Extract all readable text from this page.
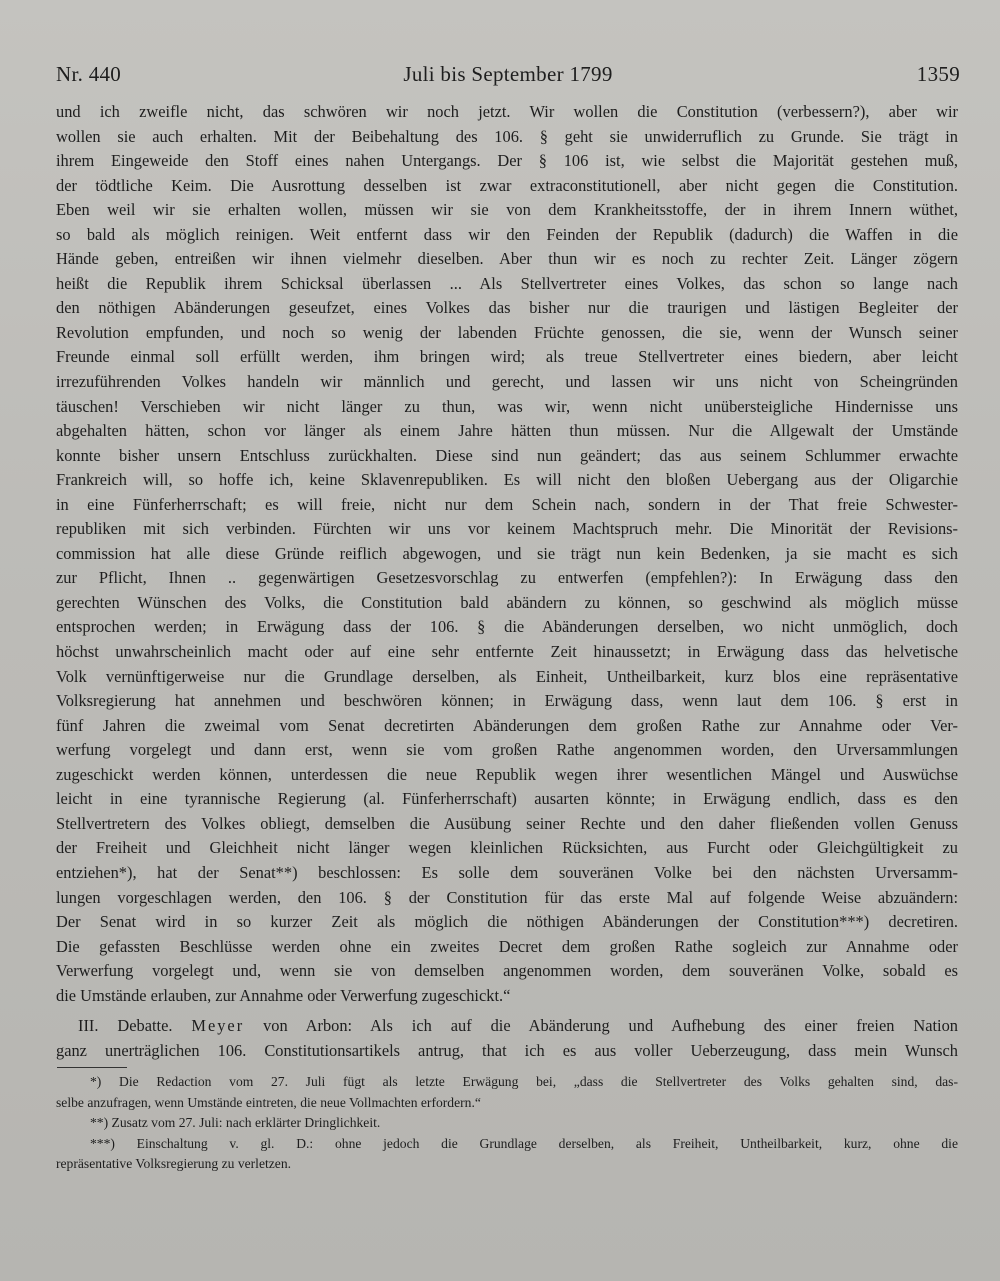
Nr. 440	Juli bis September 1799	1359
und ich zweifle nicht, das schwören wir noch jetzt. Wir wollen die Constitution (verbessern?), aber wir
wollen sie auch erhalten. Mit der Beibehaltung des 106. § geht sie unwiderruflich zu Grunde. Sie trägt in
ihrem Eingeweide den Stoff eines nahen Untergangs. Der § 106 ist, wie selbst die Majorität gestehen muß,
der tödtliche Keim. Die Ausrottung desselben ist zwar extraconstitutionell, aber nicht gegen die Constitution.
Eben weil wir sie erhalten wollen, müssen wir sie von dem Krankheitsstoffe, der in ihrem Innern wüthet,
so bald als möglich reinigen. Weit entfernt dass wir den Feinden der Republik (dadurch) die Waffen in die
Hände geben, entreißen wir ihnen vielmehr dieselben. Aber thun wir es noch zu rechter Zeit. Länger zögern
heißt die Republik ihrem Schicksal überlassen ... Als Stellvertreter eines Volkes, das schon so lange nach
den nöthigen Abänderungen geseufzet, eines Volkes das bisher nur die traurigen und lästigen Begleiter der
Revolution empfunden, und noch so wenig der labenden Früchte genossen, die sie, wenn der Wunsch seiner
Freunde einmal soll erfüllt werden, ihm bringen wird; als treue Stellvertreter eines biedern, aber leicht
irrezuführenden Volkes handeln wir männlich und gerecht, und lassen wir uns nicht von Scheingründen
täuschen! Verschieben wir nicht länger zu thun, was wir, wenn nicht unübersteigliche Hindernisse uns
abgehalten hätten, schon vor länger als einem Jahre hätten thun müssen. Nur die Allgewalt der Umstände
konnte bisher unsern Entschluss zurückhalten. Diese sind nun geändert; das aus seinem Schlummer erwachte
Frankreich will, so hoffe ich, keine Sklavenrepubliken. Es will nicht den bloßen Uebergang aus der Oligarchie
in eine Fünferherrschaft; es will freie, nicht nur dem Schein nach, sondern in der That freie Schwester-
republiken mit sich verbinden. Fürchten wir uns vor keinem Machtspruch mehr. Die Minorität der Revisions-
commission hat alle diese Gründe reiflich abgewogen, und sie trägt nun kein Bedenken, ja sie macht es sich
zur Pflicht, Ihnen .. gegenwärtigen Gesetzesvorschlag zu entwerfen (empfehlen?): In Erwägung dass den
gerechten Wünschen des Volks, die Constitution bald abändern zu können, so geschwind als möglich müsse
entsprochen werden; in Erwägung dass der 106. § die Abänderungen derselben, wo nicht unmöglich, doch
höchst unwahrscheinlich macht oder auf eine sehr entfernte Zeit hinaussetzt; in Erwägung dass das helvetische
Volk vernünftigerweise nur die Grundlage derselben, als Einheit, Untheilbarkeit, kurz blos eine repräsentative
Volksregierung hat annehmen und beschwören können; in Erwägung dass, wenn laut dem 106. § erst in
fünf Jahren die zweimal vom Senat decretirten Abänderungen dem großen Rathe zur Annahme oder Ver-
werfung vorgelegt und dann erst, wenn sie vom großen Rathe angenommen worden, den Urversammlungen
zugeschickt werden können, unterdessen die neue Republik wegen ihrer wesentlichen Mängel und Auswüchse
leicht in eine tyrannische Regierung (al. Fünferherrschaft) ausarten könnte; in Erwägung endlich, dass es den
Stellvertretern des Volkes obliegt, demselben die Ausübung seiner Rechte und den daher fließenden vollen Genuss
der Freiheit und Gleichheit nicht länger wegen kleinlichen Rücksichten, aus Furcht oder Gleichgültigkeit zu
entziehen*), hat der Senat**) beschlossen: Es solle dem souveränen Volke bei den nächsten Urversamm-
lungen vorgeschlagen werden, den 106. § der Constitution für das erste Mal auf folgende Weise abzuändern:
Der Senat wird in so kurzer Zeit als möglich die nöthigen Abänderungen der Constitution***) decretiren.
Die gefassten Beschlüsse werden ohne ein zweites Decret dem großen Rathe sogleich zur Annahme oder
Verwerfung vorgelegt und, wenn sie von demselben angenommen worden, dem souveränen Volke, sobald es
die Umstände erlauben, zur Annahme oder Verwerfung zugeschickt.“
III. Debatte. Meyer von Arbon: Als ich auf die Abänderung und Aufhebung des einer freien Nation
ganz unerträglichen 106. Constitutionsartikels antrug, that ich es aus voller Ueberzeugung, dass mein Wunsch
*) Die Redaction vom 27. Juli fügt als letzte Erwägung bei, „dass die Stellvertreter des Volks gehalten sind, das-
selbe anzufragen, wenn Umstände eintreten, die neue Vollmachten erfordern.“
**) Zusatz vom 27. Juli: nach erklärter Dringlichkeit.
***) Einschaltung v. gl. D.: ohne jedoch die Grundlage derselben, als Freiheit, Untheilbarkeit, kurz, ohne die
repräsentative Volksregierung zu verletzen.
